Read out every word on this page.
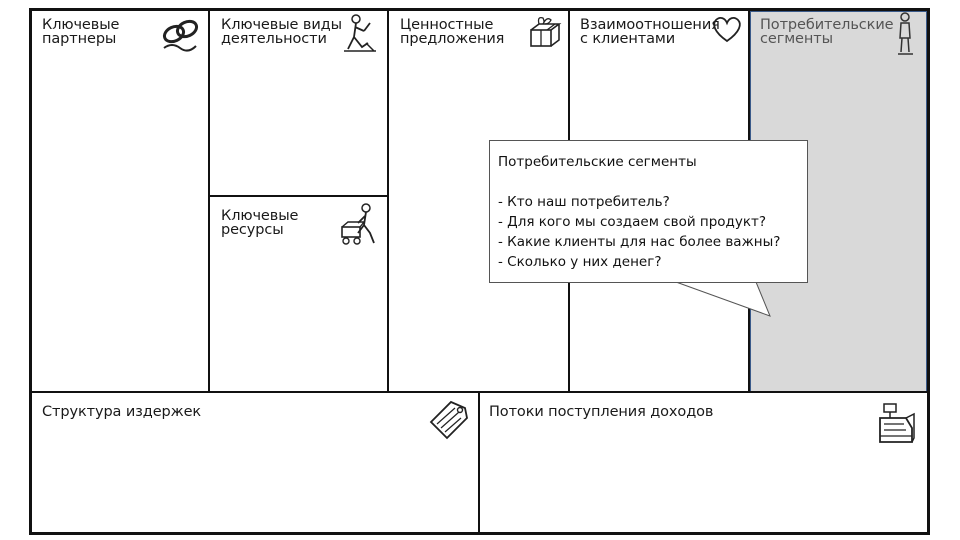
Ключевые
партнеры
Ключевые виды
деятельности
Ценностные
предложения
Взаимоотношения
с клиентами
Потребительские
сегменты
Ключевые
ресурсы
Структура издержек	Потоки поступления доходов
Потребительские сегменты
- Кто наш потребитель?
- Для кого мы создаем свой продукт?
- Какие клиенты для нас более важны?
- Сколько у них денег?
